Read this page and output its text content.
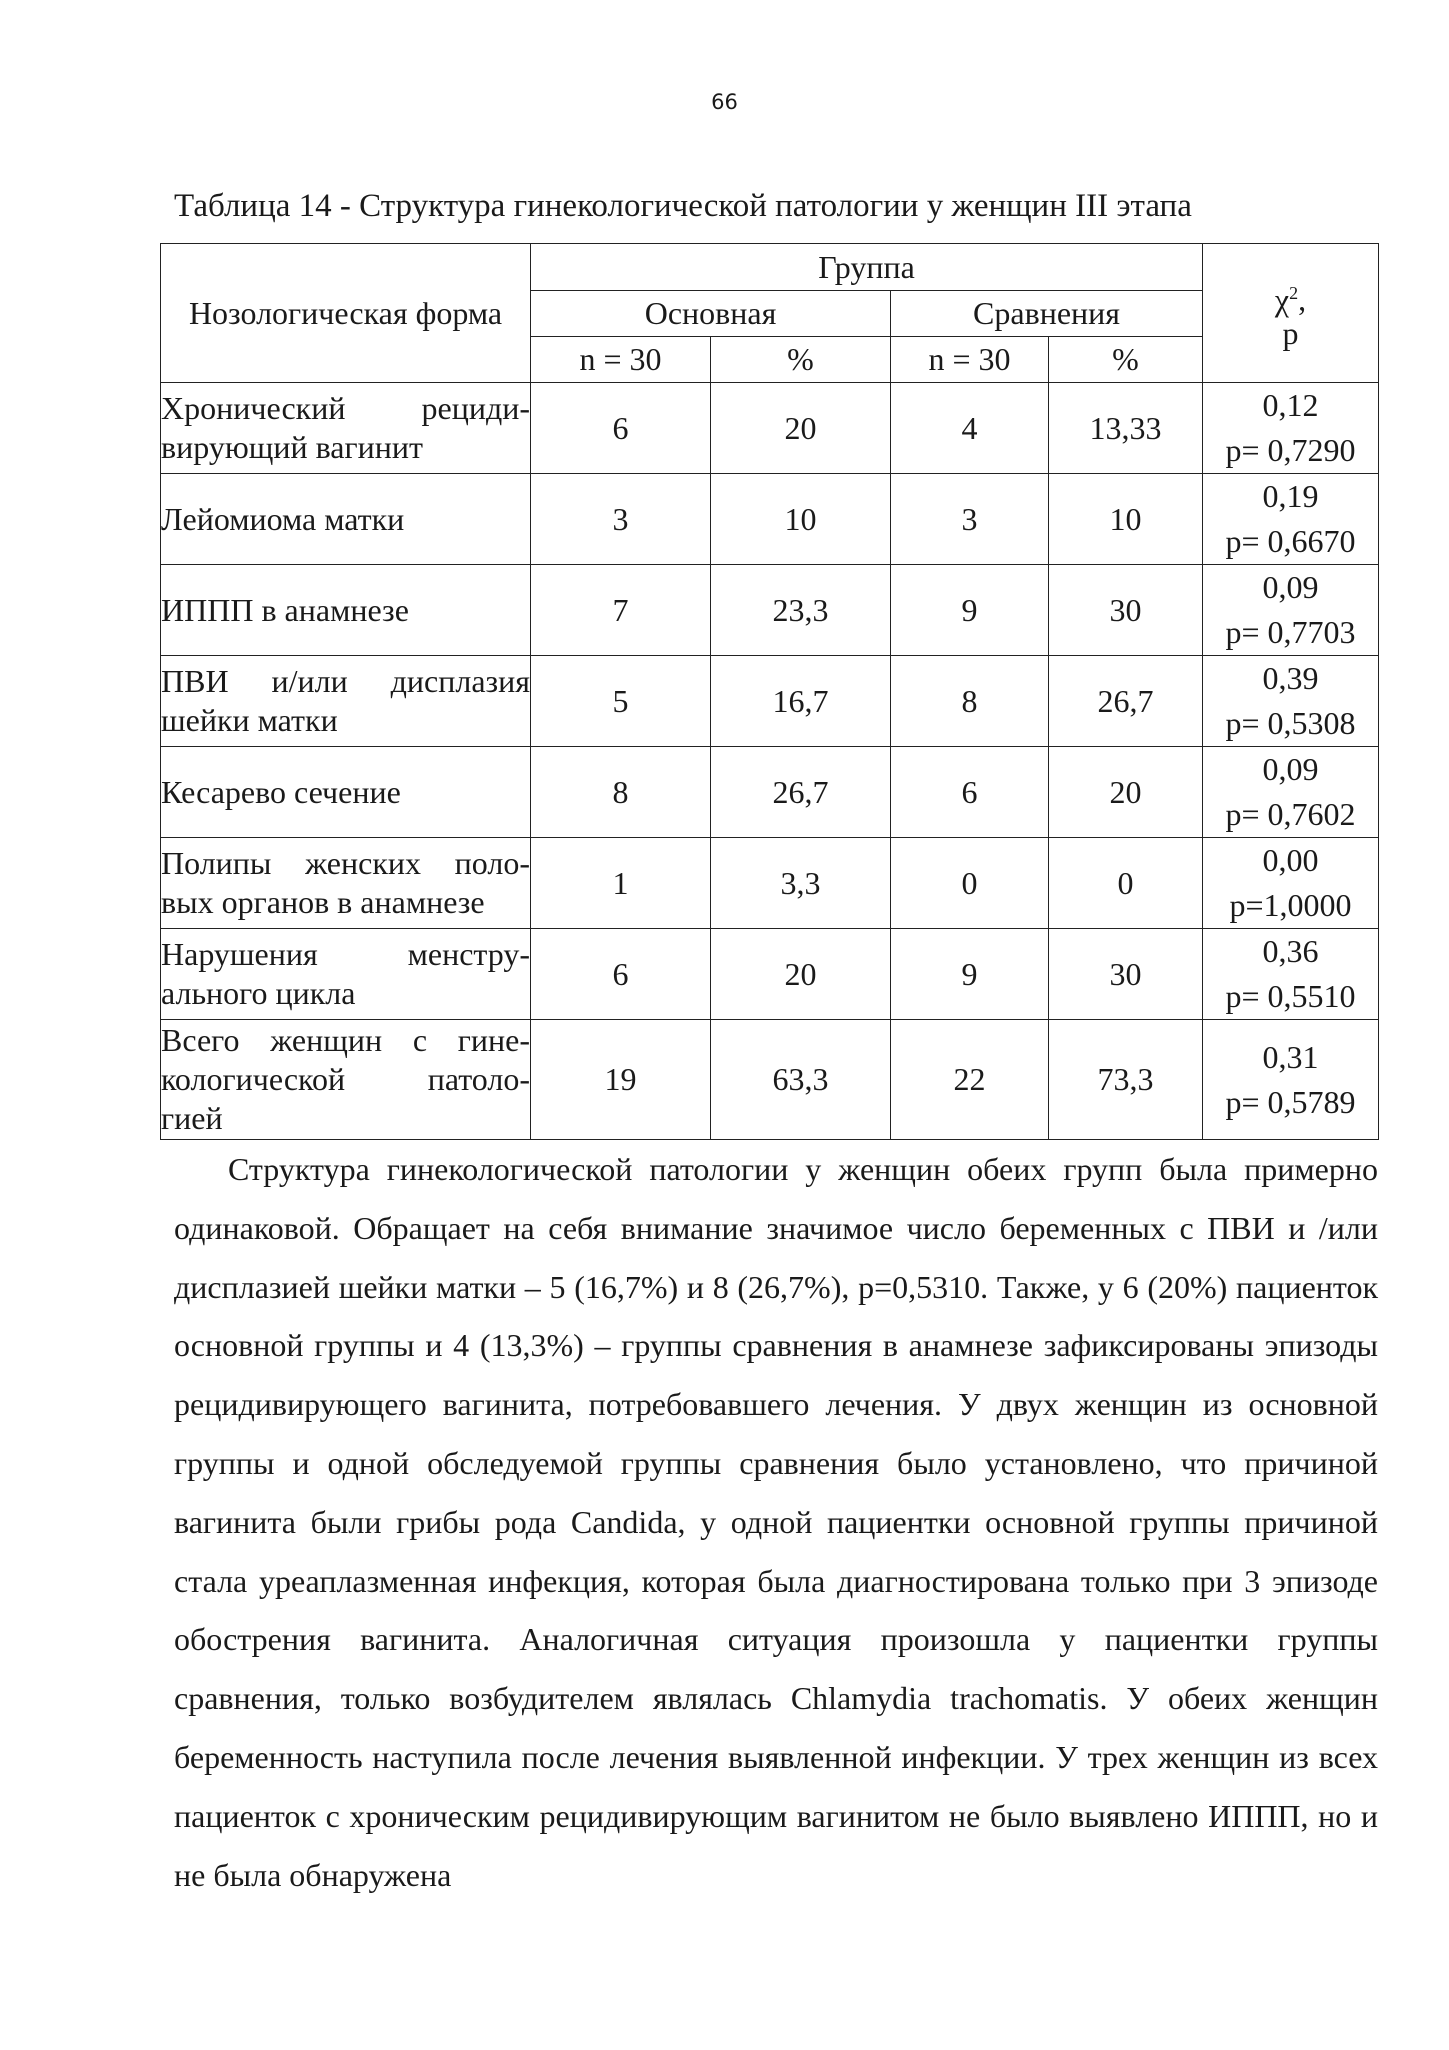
66
Таблица 14 - Структура гинекологической патологии у женщин III этапа
Нозологическая форма	Группа				$\chi^2$,
p

	Основная		Сравнения		
	n = 30	%	n = 30	%	

Хронический рециди-
вирующий вагинит	6	20	4	13,33	0,12
p= 0,7290

Лейомиома матки	3	10	3	10	0,19
p= 0,6670

ИППП в анамнезе	7	23,3	9	30	0,09
p= 0,7703

ПВИ и/или дисплазия
шейки матки	5	16,7	8	26,7	0,39
p= 0,5308

Кесарево сечение	8	26,7	6	20	0,09
p= 0,7602

Полипы женских поло-
вых органов в анамнезе	1	3,3	0	0	0,00
p=1,0000

Нарушения менстру-
ального цикла	6	20	9	30	0,36
p= 0,5510

Всего женщин с гине-
кологической патоло-
гией	19	63,3	22	73,3	0,31
p= 0,5789

Структура гинекологической патологии у женщин обеих групп была примерно одинаковой. Обращает на себя внимание значимое число беременных с ПВИ и /или дисплазией шейки матки – 5 (16,7%) и 8 (26,7%), p=0,5310. Также, у 6 (20%) пациенток основной группы и 4 (13,3%) – группы сравнения в анамнезе зафиксированы эпизоды рецидивирующего вагинита, потребовавшего лечения. У двух женщин из основной группы и одной обследуемой группы сравнения было установлено, что причиной вагинита были грибы рода Candida, у одной пациентки основной группы причиной стала уреаплазменная инфекция, которая была диагностирована только при 3 эпизоде обострения вагинита. Аналогичная ситуация произошла у пациентки группы сравнения, только возбудителем являлась Chlamydia trachomatis. У обеих женщин беременность наступила после лечения выявленной инфекции. У трех женщин из всех пациенток с хроническим рецидивирующим вагинитом не было выявлено ИППП, но и не была обнаружена
